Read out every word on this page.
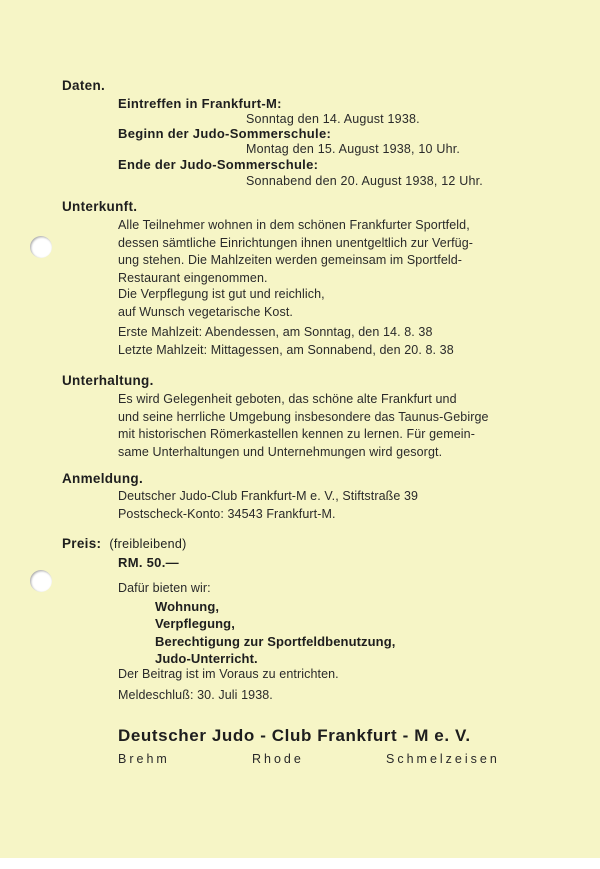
Daten.
Eintreffen in Frankfurt-M:
Sonntag den 14. August 1938.
Beginn der Judo-Sommerschule:
Montag den 15. August 1938, 10 Uhr.
Ende der Judo-Sommerschule:
Sonnabend den 20. August 1938, 12 Uhr.
Unterkunft.
Alle Teilnehmer wohnen in dem schönen Frankfurter Sportfeld,
dessen sämtliche Einrichtungen ihnen unentgeltlich zur Verfüg-
ung stehen. Die Mahlzeiten werden gemeinsam im Sportfeld-
Restaurant eingenommen.
Die Verpflegung ist gut und reichlich,
auf Wunsch vegetarische Kost.
Erste Mahlzeit: Abendessen, am Sonntag, den 14. 8. 38
Letzte Mahlzeit: Mittagessen, am Sonnabend, den 20. 8. 38
Unterhaltung.
Es wird Gelegenheit geboten, das schöne alte Frankfurt und
und seine herrliche Umgebung insbesondere das Taunus-Gebirge
mit historischen Römerkastellen kennen zu lernen. Für gemein-
same Unterhaltungen und Unternehmungen wird gesorgt.
Anmeldung.
Deutscher Judo-Club Frankfurt-M e. V., Stiftstraße 39
Postscheck-Konto: 34543 Frankfurt-M.
Preis: (freibleibend)
RM. 50.—
Dafür bieten wir:
Wohnung,
Verpflegung,
Berechtigung zur Sportfeldbenutzung,
Judo-Unterricht.
Der Beitrag ist im Voraus zu entrichten.
Meldeschluß: 30. Juli 1938.
Deutscher Judo - Club Frankfurt - M e. V.
Brehm	Rhode	Schmelzeisen
